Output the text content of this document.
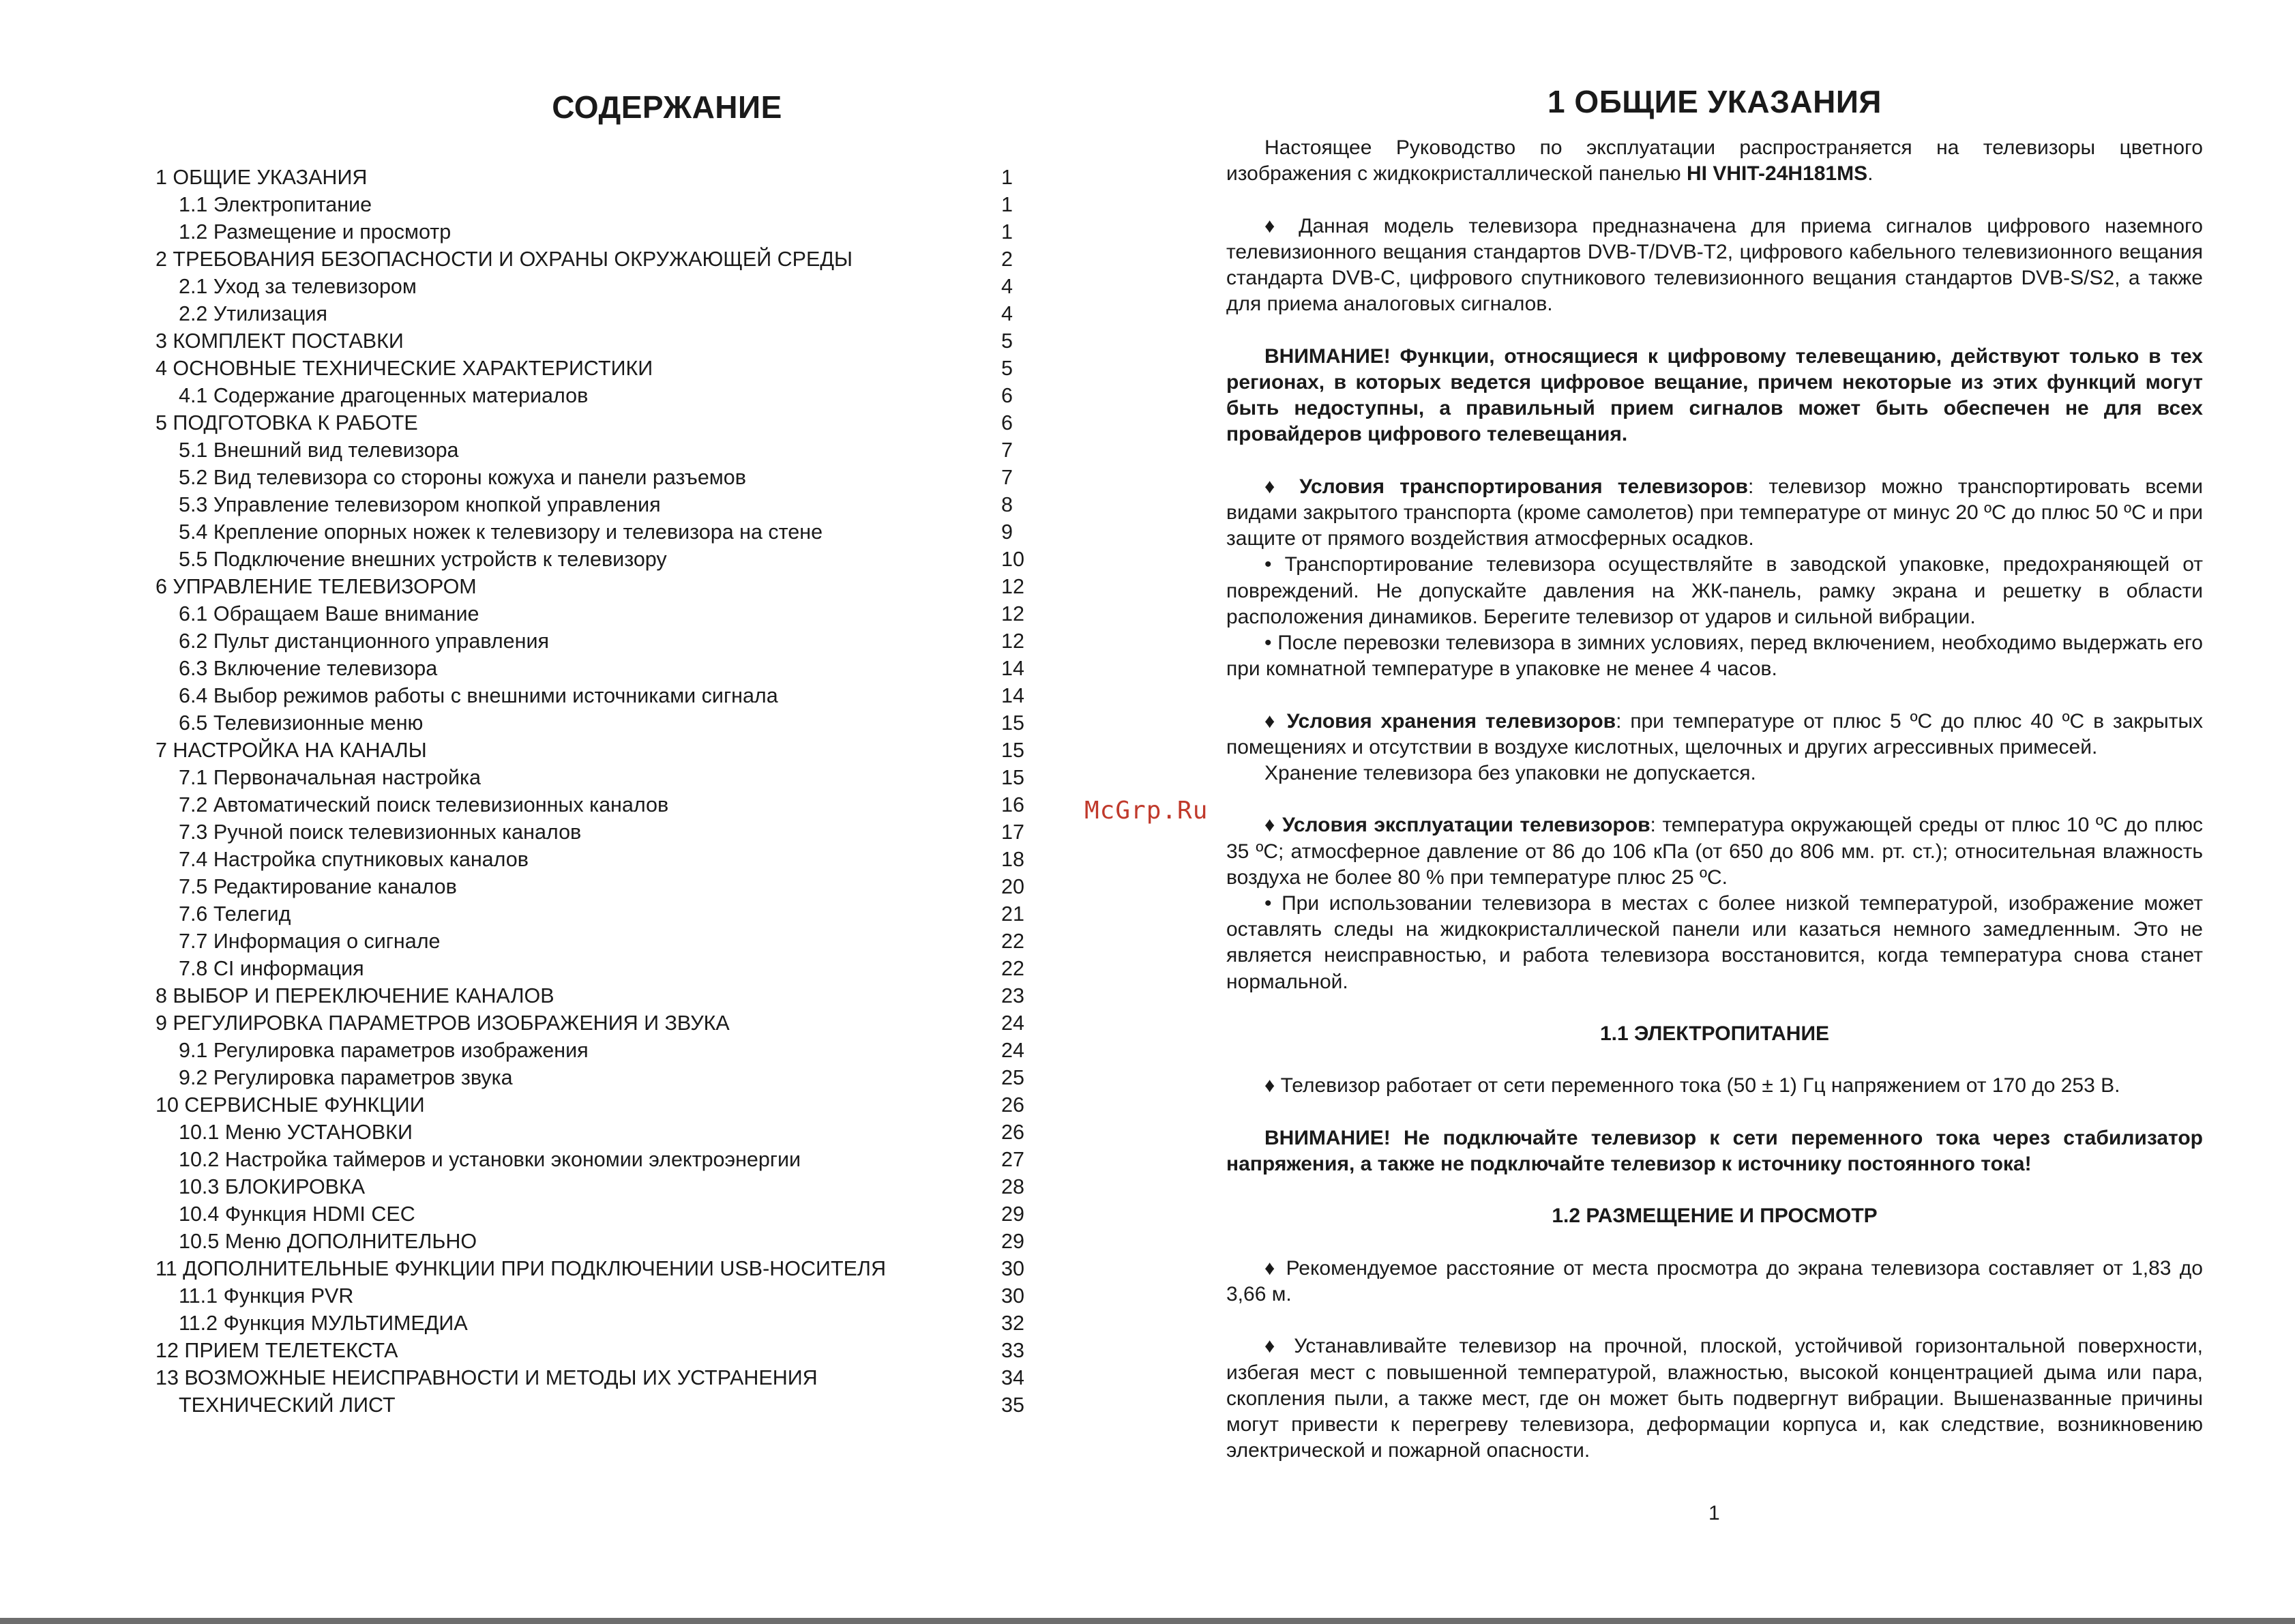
СОДЕРЖАНИЕ
1 ОБЩИЕ УКАЗАНИЯ	1
1.1 Электропитание	1
1.2 Размещение и просмотр	1
2 ТРЕБОВАНИЯ БЕЗОПАСНОСТИ И ОХРАНЫ ОКРУЖАЮЩЕЙ СРЕДЫ	2
2.1 Уход за телевизором	4
2.2 Утилизация	4
3 КОМПЛЕКТ ПОСТАВКИ	5
4 ОСНОВНЫЕ ТЕХНИЧЕСКИЕ ХАРАКТЕРИСТИКИ	5
4.1 Содержание драгоценных материалов	6
5 ПОДГОТОВКА К РАБОТЕ	6
5.1 Внешний вид телевизора	7
5.2 Вид телевизора со стороны кожуха и панели разъемов	7
5.3 Управление телевизором кнопкой управления	8
5.4 Крепление опорных ножек к телевизору и телевизора на стене	9
5.5 Подключение внешних устройств к телевизору	10
6 УПРАВЛЕНИЕ ТЕЛЕВИЗОРОМ	12
6.1 Обращаем Ваше внимание	12
6.2 Пульт дистанционного управления	12
6.3 Включение телевизора	14
6.4 Выбор режимов работы с внешними источниками сигнала	14
6.5 Телевизионные меню	15
7 НАСТРОЙКА НА КАНАЛЫ	15
7.1 Первоначальная настройка	15
7.2 Автоматический поиск телевизионных каналов	16
7.3 Ручной поиск телевизионных каналов	17
7.4 Настройка спутниковых каналов	18
7.5 Редактирование каналов	20
7.6 Телегид	21
7.7 Информация о сигнале	22
7.8 CI информация	22
8 ВЫБОР И ПЕРЕКЛЮЧЕНИЕ КАНАЛОВ	23
9 РЕГУЛИРОВКА ПАРАМЕТРОВ ИЗОБРАЖЕНИЯ И ЗВУКА	24
9.1 Регулировка параметров изображения	24
9.2 Регулировка параметров звука	25
10 СЕРВИСНЫЕ ФУНКЦИИ	26
10.1 Меню УСТАНОВКИ	26
10.2 Настройка таймеров и установки экономии электроэнергии	27
10.3 БЛОКИРОВКА	28
10.4 Функция HDMI CEC	29
10.5 Меню ДОПОЛНИТЕЛЬНО	29
11 ДОПОЛНИТЕЛЬНЫЕ ФУНКЦИИ ПРИ ПОДКЛЮЧЕНИИ USB-НОСИТЕЛЯ	30
11.1 Функция PVR	30
11.2 Функция МУЛЬТИМЕДИА	32
12 ПРИЕМ ТЕЛЕТЕКСТА	33
13 ВОЗМОЖНЫЕ НЕИСПРАВНОСТИ И МЕТОДЫ ИХ УСТРАНЕНИЯ	34
ТЕХНИЧЕСКИЙ ЛИСТ	35
McGrp.Ru
1 ОБЩИЕ УКАЗАНИЯ

Настоящее Руководство по эксплуатации распространяется на телевизоры цветного изображения с жидкокристаллической панелью HI VHIT-24H181MS.

♦ Данная модель телевизора предназначена для приема сигналов цифрового наземного телевизионного вещания стандартов DVB-T/DVB-T2, цифрового кабельного телевизионного вещания стандарта DVB-C, цифрового спутникового телевизионного вещания стандартов DVB-S/S2, а также для приема аналоговых сигналов.

ВНИМАНИЕ! Функции, относящиеся к цифровому телевещанию, действуют только в тех регионах, в которых ведется цифровое вещание, причем некоторые из этих функций могут быть недоступны, а правильный прием сигналов может быть обеспечен не для всех провайдеров цифрового телевещания.

♦ Условия транспортирования телевизоров: телевизор можно транспортировать всеми видами закрытого транспорта (кроме самолетов) при температуре от минус 20 ºС до плюс 50 ºС и при защите от прямого воздействия атмосферных осадков.

• Транспортирование телевизора осуществляйте в заводской упаковке, предохраняющей от повреждений. Не допускайте давления на ЖК-панель, рамку экрана и решетку в области расположения динамиков. Берегите телевизор от ударов и сильной вибрации.

• После перевозки телевизора в зимних условиях, перед включением, необходимо выдержать его при комнатной температуре в упаковке не менее 4 часов.

♦ Условия хранения телевизоров: при температуре от плюс 5 ºС до плюс 40 ºС в закрытых помещениях и отсутствии в воздухе кислотных, щелочных и других агрессивных примесей.

Хранение телевизора без упаковки не допускается.

♦ Условия эксплуатации телевизоров: температура окружающей среды от плюс 10 ºС до плюс 35 ºС; атмосферное давление от 86 до 106 кПа (от 650 до 806 мм. рт. ст.); относительная влажность воздуха не более 80 % при температуре плюс 25 ºС.

• При использовании телевизора в местах с более низкой температурой, изображение может оставлять следы на жидкокристаллической панели или казаться немного замедленным. Это не является неисправностью, и работа телевизора восстановится, когда температура снова станет нормальной.

1.1 ЭЛЕКТРОПИТАНИЕ

♦ Телевизор работает от сети переменного тока (50 ± 1) Гц напряжением от 170 до 253 В.

ВНИМАНИЕ! Не подключайте телевизор к сети переменного тока через стабилизатор напряжения, а также не подключайте телевизор к источнику постоянного тока!

1.2 РАЗМЕЩЕНИЕ И ПРОСМОТР

♦ Рекомендуемое расстояние от места просмотра до экрана телевизора составляет от 1,83 до 3,66 м.

♦ Устанавливайте телевизор на прочной, плоской, устойчивой горизонтальной поверхности, избегая мест с повышенной температурой, влажностью, высокой концентрацией дыма или пара, скопления пыли, а также мест, где он может быть подвергнут вибрации. Вышеназванные причины могут привести к перегреву телевизора, деформации корпуса и, как следствие, возникновению электрической и пожарной опасности.

1
